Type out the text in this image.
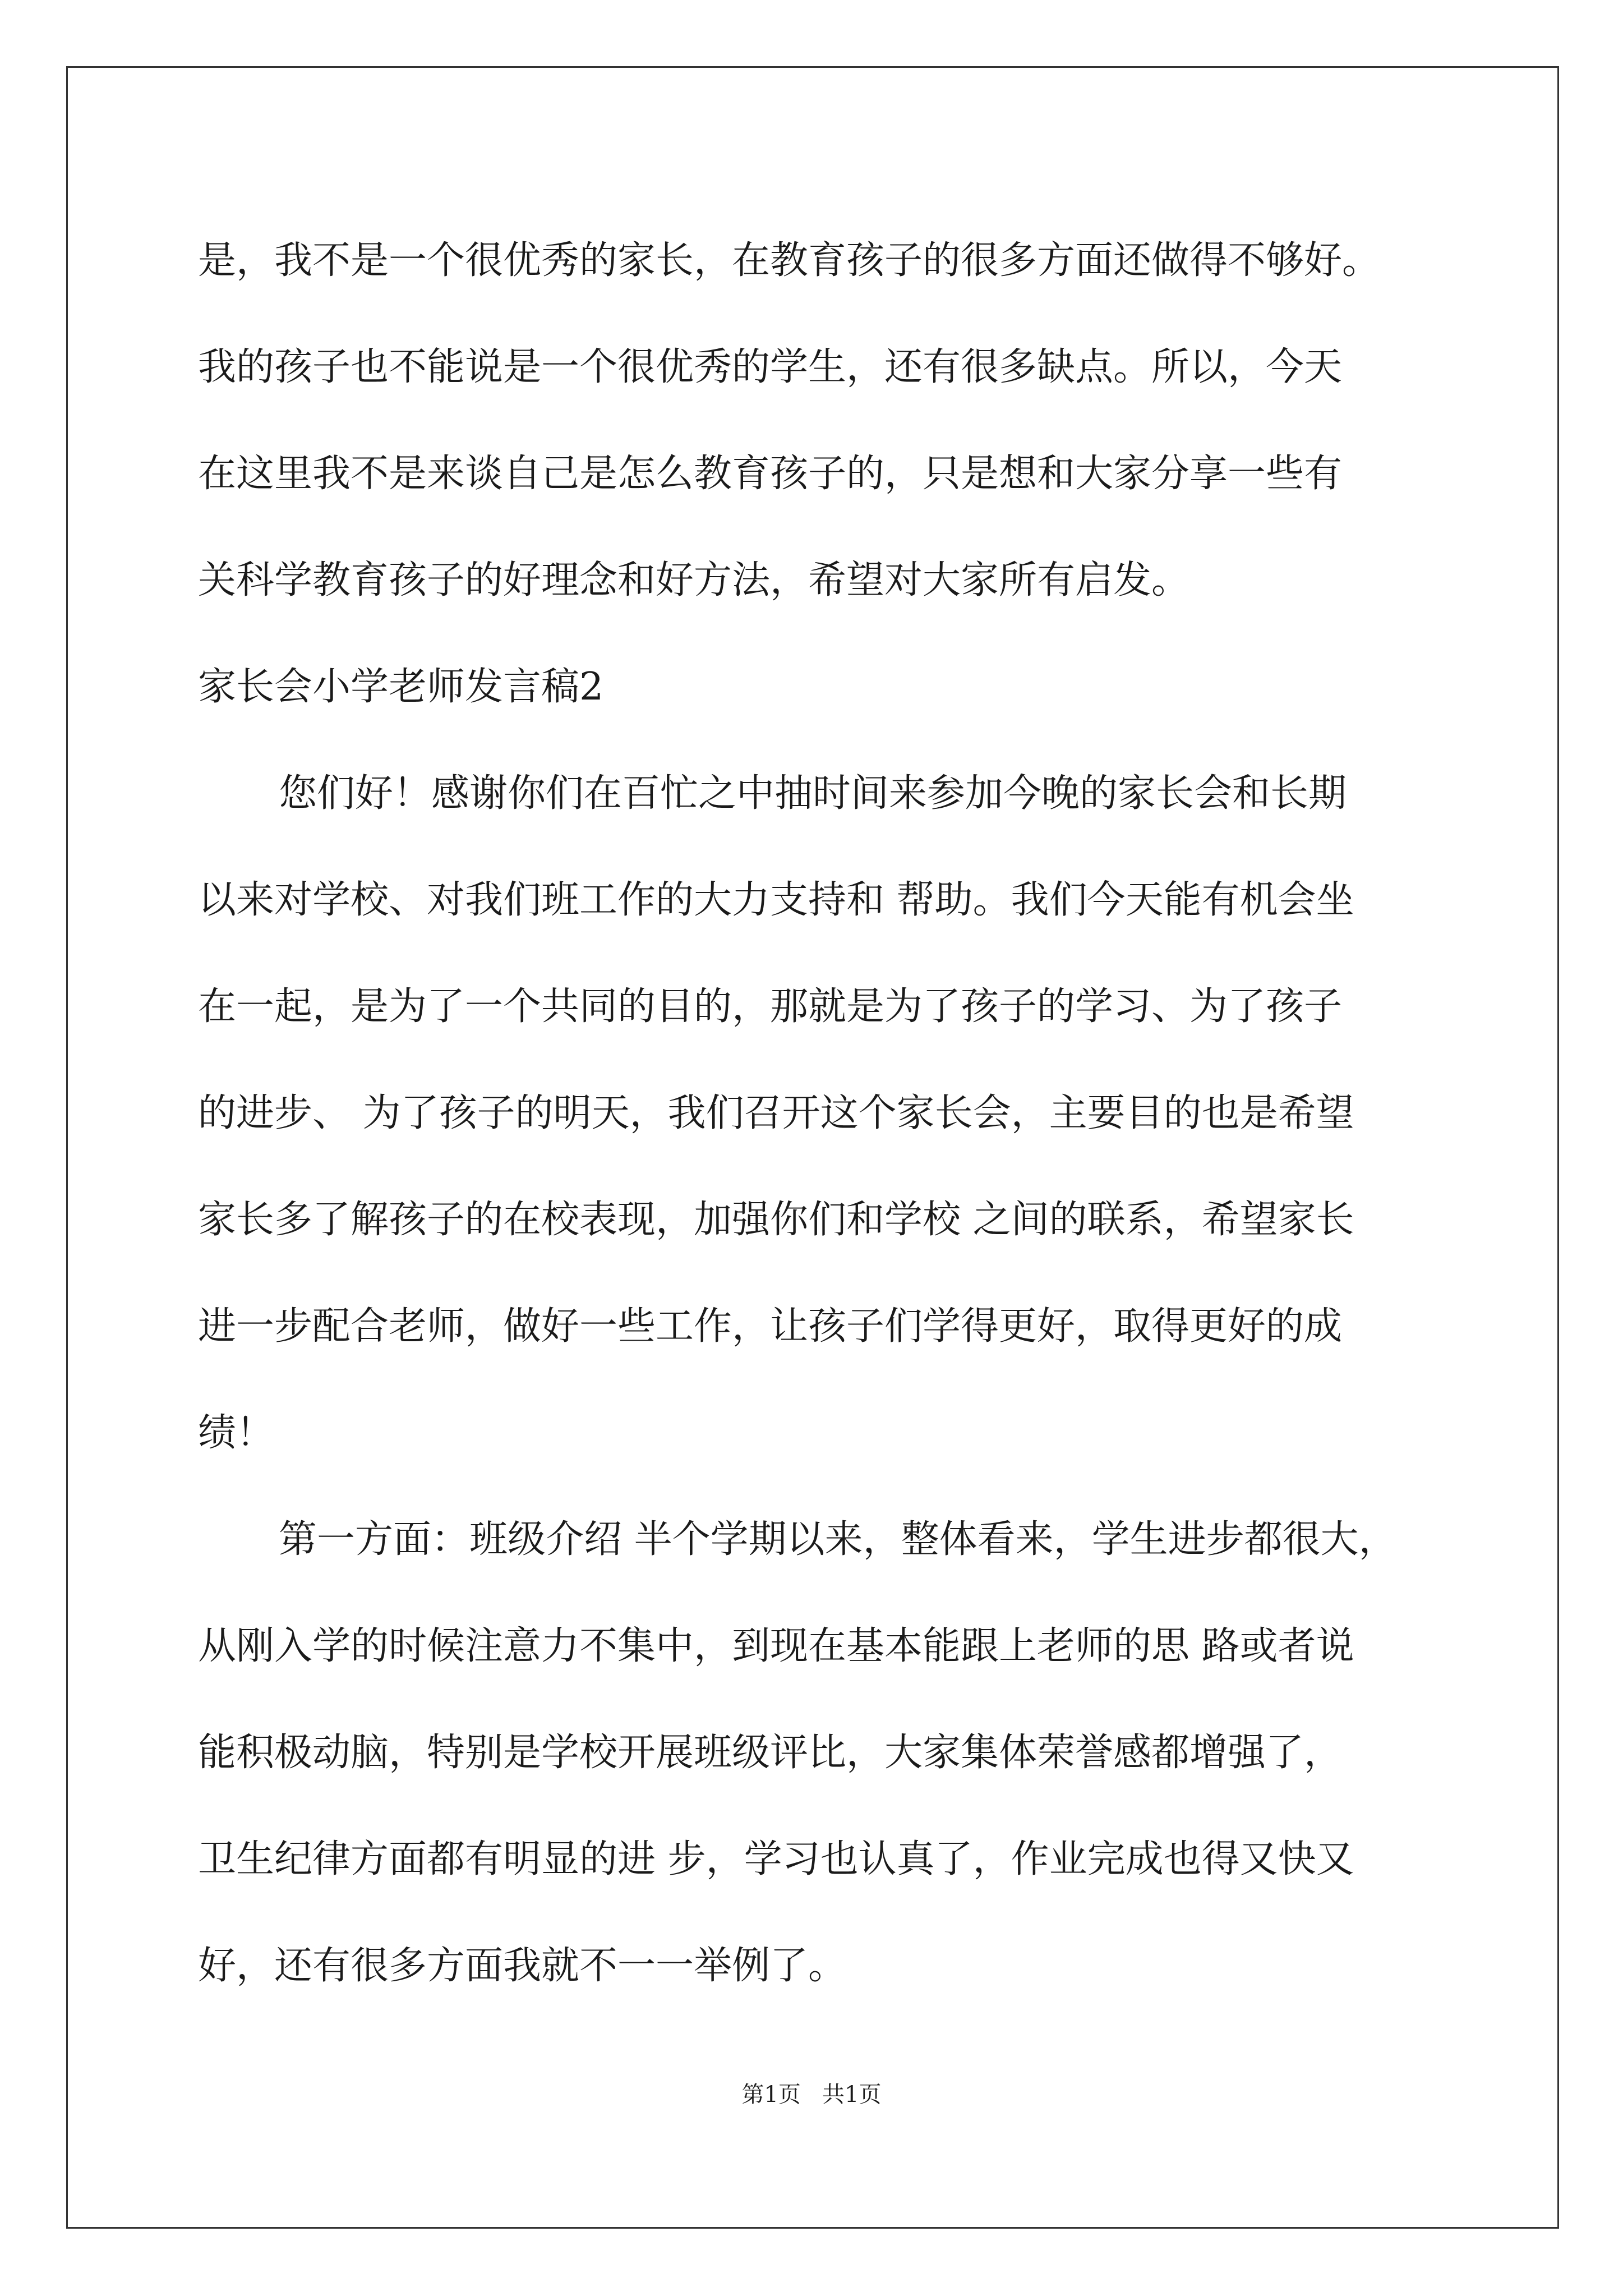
是，我不是一个很优秀的家长，在教育孩子的很多方面还做得不够好。
我的孩子也不能说是一个很优秀的学生，还有很多缺点。所以，今天
在这里我不是来谈自己是怎么教育孩子的，只是想和大家分享一些有
关科学教育孩子的好理念和好方法，希望对大家所有启发。
家长会小学老师发言稿2
您们好！感谢你们在百忙之中抽时间来参加今晚的家长会和长期
以来对学校、对我们班工作的大力支持和 帮助。我们今天能有机会坐
在一起，是为了一个共同的目的，那就是为了孩子的学习、为了孩子
的进步、 为了孩子的明天，我们召开这个家长会，主要目的也是希望
家长多了解孩子的在校表现，加强你们和学校 之间的联系，希望家长
进一步配合老师，做好一些工作，让孩子们学得更好，取得更好的成
绩！
第一方面：班级介绍 半个学期以来，整体看来，学生进步都很大，
从刚入学的时候注意力不集中，到现在基本能跟上老师的思 路或者说
能积极动脑，特别是学校开展班级评比，大家集体荣誉感都增强了，
卫生纪律方面都有明显的进 步，学习也认真了，作业完成也得又快又
好，还有很多方面我就不一一举例了。
第1页   共1页
